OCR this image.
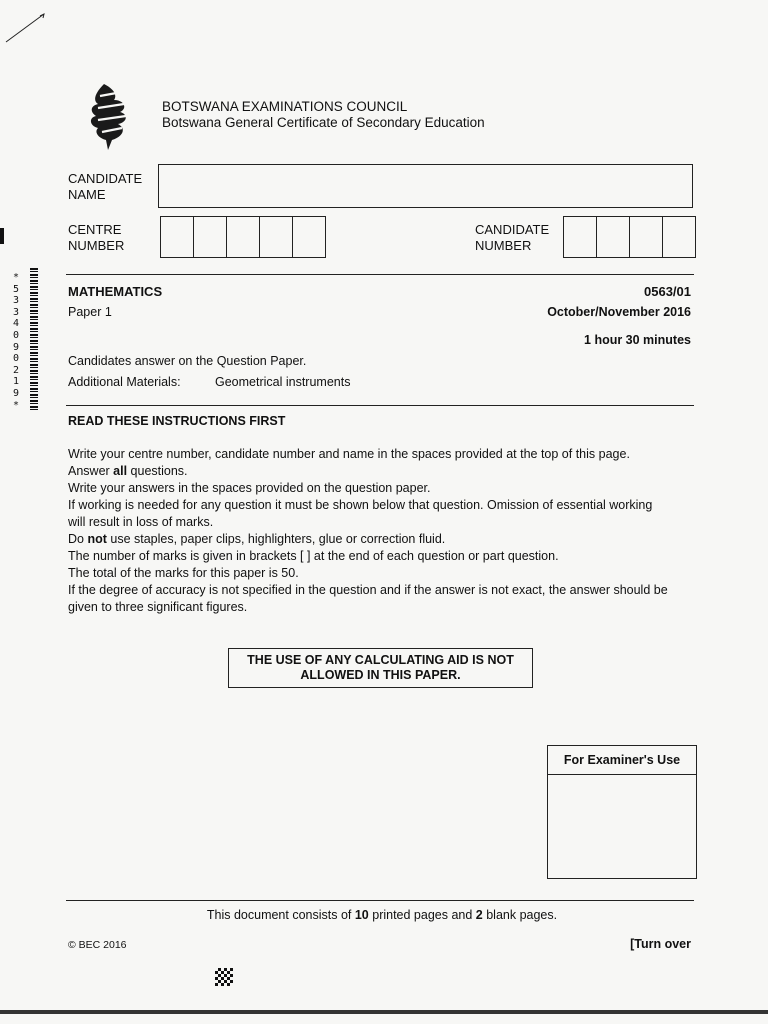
BOTSWANA EXAMINATIONS COUNCIL
Botswana General Certificate of Secondary Education
CANDIDATE
NAME
CENTRE
NUMBER
CANDIDATE
NUMBER
*
5
3
3
4
0
9
0
2
1
9
*
MATHEMATICS	0563/01
Paper 1	October/November 2016
1 hour 30 minutes
Candidates answer on the Question Paper.
Additional Materials:	Geometrical instruments
READ THESE INSTRUCTIONS FIRST

Write your centre number, candidate number and name in the spaces provided at the top of this page.

Answer all questions.

Write your answers in the spaces provided on the question paper.

If working is needed for any question it must be shown below that question. Omission of essential working

will result in loss of marks.

Do not use staples, paper clips, highlighters, glue or correction fluid.

The number of marks is given in brackets [ ] at the end of each question or part question.

The total of the marks for this paper is 50.

If the degree of accuracy is not specified in the question and if the answer is not exact, the answer should be

given to three significant figures.

THE USE OF ANY CALCULATING AID IS NOT
ALLOWED IN THIS PAPER.
For Examiner's Use
This document consists of 10 printed pages and 2 blank pages.
© BEC 2016	[Turn over
